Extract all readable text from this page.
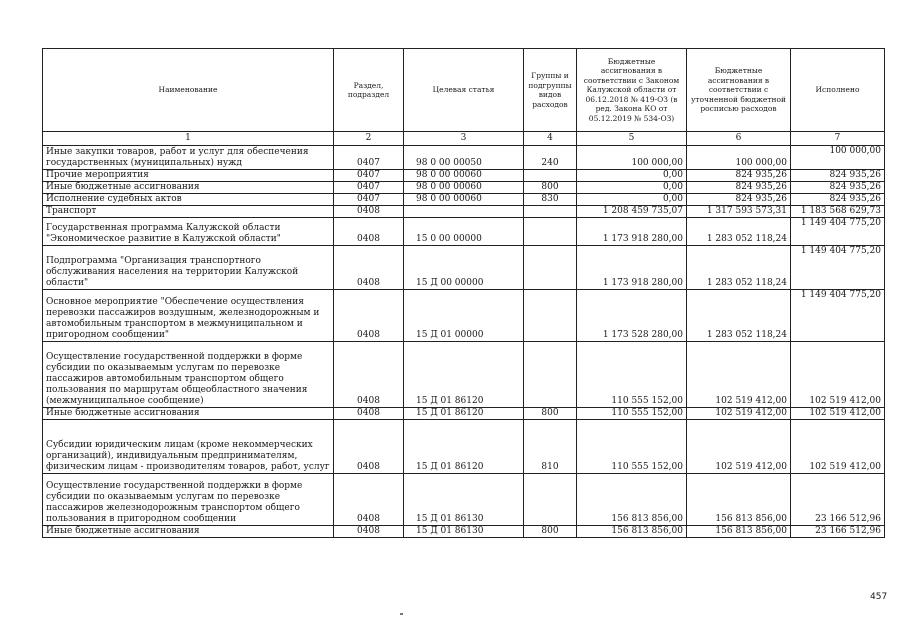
Наименование	Раздел, подраздел	Целевая статья	Группы и подгруппы видов расходов	Бюджетные ассигнования в соответствии с Законом Калужской области от 06.12.2018 № 419-ОЗ (в ред. Закона КО от 05.12.2019 № 534-ОЗ)	Бюджетные ассигнования в соответствии с уточненной бюджетной росписью расходов	Исполнено
1	2	3	4	5	6	7
Иные закупки товаров, работ и услуг для обеспечения государственных (муниципальных) нужд	0407	98 0 00 00050	240	100 000,00	100 000,00	100 000,00
Прочие мероприятия	0407	98 0 00 00060		0,00	824 935,26	824 935,26
Иные бюджетные ассигнования	0407	98 0 00 00060	800	0,00	824 935,26	824 935,26
Исполнение судебных актов	0407	98 0 00 00060	830	0,00	824 935,26	824 935,26
Транспорт	0408			1 208 459 735,07	1 317 593 573,31	1 183 568 629,73
Государственная программа Калужской области "Экономическое развитие в Калужской области"	0408	15 0 00 00000		1 173 918 280,00	1 283 052 118,24	1 149 404 775,20
Подпрограмма "Организация транспортного обслуживания населения на территории Калужской области"	0408	15 Д 00 00000		1 173 918 280,00	1 283 052 118,24	1 149 404 775,20
Основное мероприятие "Обеспечение осуществления перевозки пассажиров воздушным, железнодорожным и автомобильным транспортом в межмуниципальном и пригородном сообщении"	0408	15 Д 01 00000		1 173 528 280,00	1 283 052 118,24	1 149 404 775,20
Осуществление государственной поддержки в форме субсидии по оказываемым услугам по перевозке пассажиров автомобильным транспортом общего пользования по маршрутам общеобластного значения (межмуниципальное сообщение)	0408	15 Д 01 86120		110 555 152,00	102 519 412,00	102 519 412,00
Иные бюджетные ассигнования	0408	15 Д 01 86120	800	110 555 152,00	102 519 412,00	102 519 412,00
Субсидии юридическим лицам (кроме некоммерческих организаций), индивидуальным предпринимателям, физическим лицам - производителям товаров, работ, услуг	0408	15 Д 01 86120	810	110 555 152,00	102 519 412,00	102 519 412,00
Осуществление государственной поддержки в форме субсидии по оказываемым услугам по перевозке пассажиров железнодорожным транспортом общего пользования в пригородном сообщении	0408	15 Д 01 86130		156 813 856,00	156 813 856,00	23 166 512,96
Иные бюджетные ассигнования	0408	15 Д 01 86130	800	156 813 856,00	156 813 856,00	23 166 512,96
457
